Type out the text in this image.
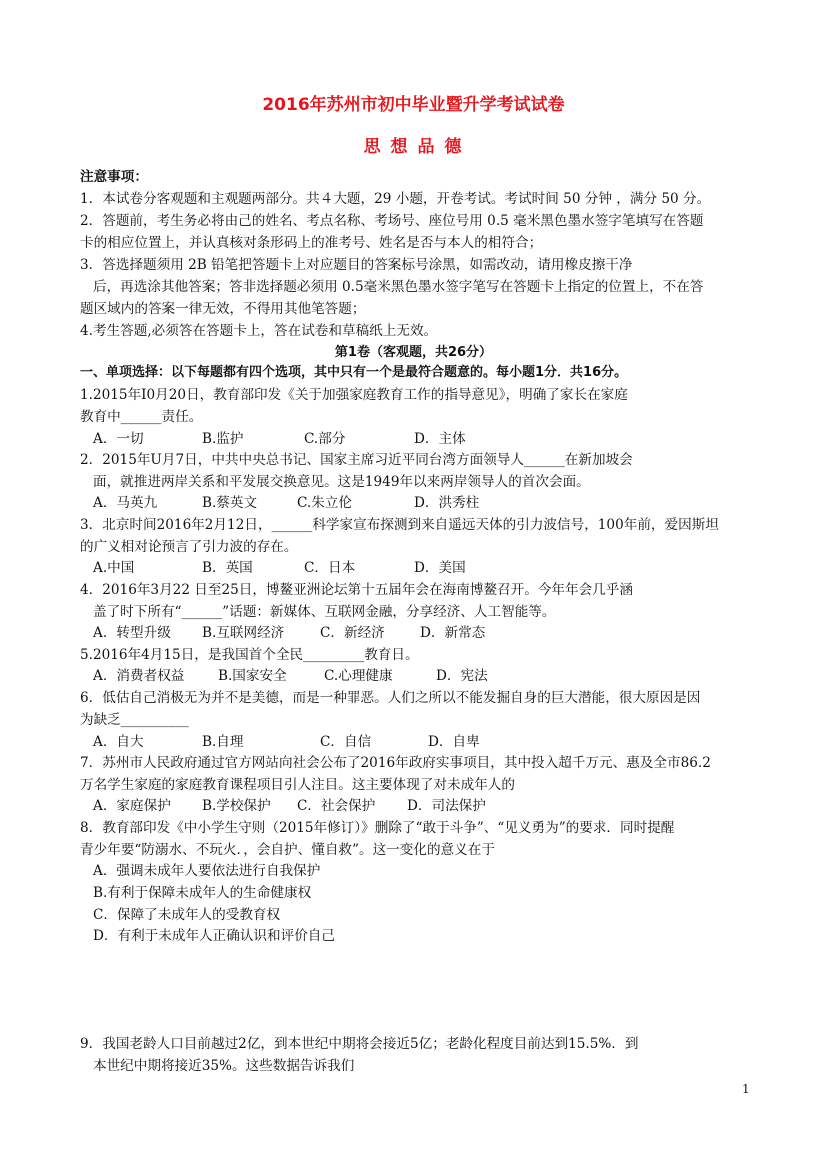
2016年苏州市初中毕业暨升学考试试卷
思 想 品 德
注意事项：
1．本试卷分客观题和主观题两部分。共４大题，29 小题，开卷考试。考试时间 50 分钟 ，满分 50 分。
2．答题前，考生务必将由己的姓名、考点名称、考场号、座位号用 0.5 毫米黑色墨水签字笔填写在答题
卡的相应位置上，并认真核对条形码上的准考号、姓名是否与本人的相符合；
3．答选择题须用 2B 铅笔把答题卡上对应题目的答案标号涂黑，如需改动，请用橡皮擦干净
后，再选涂其他答案；答非选择题必须用 0.5毫米黑色墨水签字笔写在答题卡上指定的位置上，不在答
题区域内的答案一律无效，不得用其他笔答题；
4.考生答题,必须答在答题卡上，答在试卷和草稿纸上无效。
第1卷（客观题，共26分）
一、单项选择：以下每题都有四个选项，其中只有一个是最符合题意的。每小题1分．共16分。
1.2015年I0月20日，教育部印发《关于加强家庭教育工作的指导意见》，明确了家长在家庭
教育中______责任。
A．一切	B.监护	C.部分	D．主体
2．2015年U月7日，中共中央总书记、国家主席习近平同台湾方面领导人______在新加坡会
面，就推进两岸关系和平发展交换意见。这是1949年以来两岸领导人的首次会面。
A．马英九	B.蔡英文	C.朱立伦	D．洪秀柱
3．北京时间2016年2月12日，______科学家宣布探测到来自遥远天体的引力波信号，100年前，爱因斯坦
的广义相对论预言了引力波的存在。
A.中国	B．英国	C．日本	D．美国
4．2016年3月22 日至25日，博鳌亚洲论坛第十五届年会在海南博鳌召开。今年年会几乎涵
盖了时下所有“______”话题：新媒体、互联网金融，分享经济、人工智能等。
A．转型升级 B.互联网经济	C．新经济	D．新常态
5.2016年4月15日，是我国首个全民_________教育日。
A．消费者权益 B.国家安全	C.心理健康	D．宪法
6．低估自己消极无为并不是美德，而是一种罪恶。人们之所以不能发掘自身的巨大潜能，很大原因是因
为缺乏__________
A．自大	B.自理	C．自信	D．自卑
7．苏州市人民政府通过官方网站向社会公布了2016年政府实事项目，其中投入超千万元、惠及全市86.2
万名学生家庭的家庭教育课程项目引人注目。这主要体现了对未成年人的
A．家庭保护 B.学校保护 C．社会保护 D．司法保护
8．教育部印发《中小学生守则（2015年修订）》删除了“敢于斗争”、“见义勇为”的要求．同时提醒
青少年要“防溺水、不玩火．，会自护、懂自救”。这一变化的意义在于
A．强调未成年人要依法进行自我保护
B.有利于保障未成年人的生命健康权
C．保障了未成年人的受教育权
D．有利于未成年人正确认识和评价自己
9．我国老龄人口目前越过2亿，到本世纪中期将会接近5亿；老龄化程度目前达到15.5%．到
本世纪中期将接近35%。这些数据告诉我们
1
